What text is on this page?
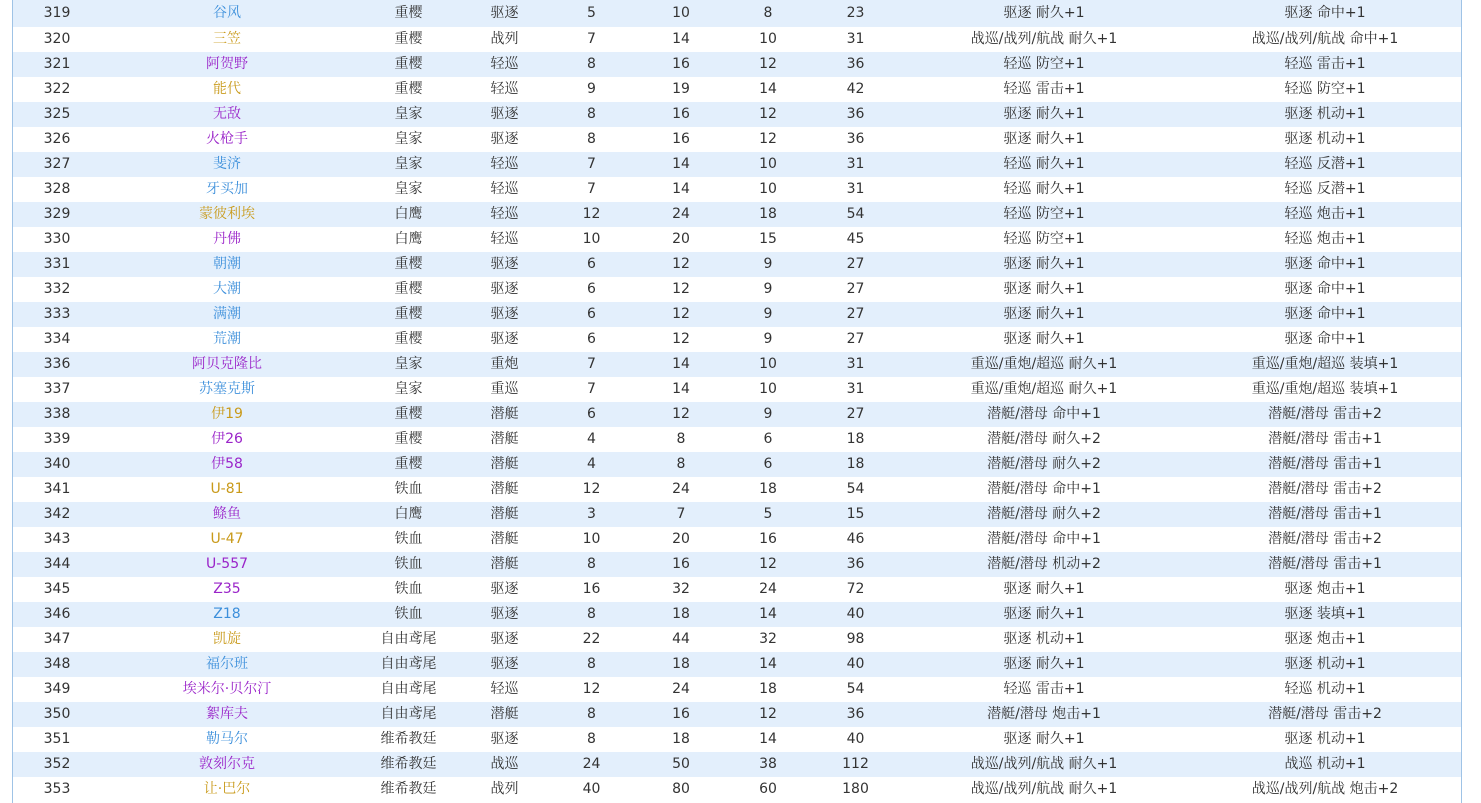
319	谷风	重樱	驱逐	5	10	8	23	驱逐 耐久+1	驱逐 命中+1
320	三笠	重樱	战列	7	14	10	31	战巡/战列/航战 耐久+1	战巡/战列/航战 命中+1
321	阿贺野	重樱	轻巡	8	16	12	36	轻巡 防空+1	轻巡 雷击+1
322	能代	重樱	轻巡	9	19	14	42	轻巡 雷击+1	轻巡 防空+1
325	无敌	皇家	驱逐	8	16	12	36	驱逐 耐久+1	驱逐 机动+1
326	火枪手	皇家	驱逐	8	16	12	36	驱逐 耐久+1	驱逐 机动+1
327	斐济	皇家	轻巡	7	14	10	31	轻巡 耐久+1	轻巡 反潜+1
328	牙买加	皇家	轻巡	7	14	10	31	轻巡 耐久+1	轻巡 反潜+1
329	蒙彼利埃	白鹰	轻巡	12	24	18	54	轻巡 防空+1	轻巡 炮击+1
330	丹佛	白鹰	轻巡	10	20	15	45	轻巡 防空+1	轻巡 炮击+1
331	朝潮	重樱	驱逐	6	12	9	27	驱逐 耐久+1	驱逐 命中+1
332	大潮	重樱	驱逐	6	12	9	27	驱逐 耐久+1	驱逐 命中+1
333	满潮	重樱	驱逐	6	12	9	27	驱逐 耐久+1	驱逐 命中+1
334	荒潮	重樱	驱逐	6	12	9	27	驱逐 耐久+1	驱逐 命中+1
336	阿贝克隆比	皇家	重炮	7	14	10	31	重巡/重炮/超巡 耐久+1	重巡/重炮/超巡 装填+1
337	苏塞克斯	皇家	重巡	7	14	10	31	重巡/重炮/超巡 耐久+1	重巡/重炮/超巡 装填+1
338	伊19	重樱	潜艇	6	12	9	27	潜艇/潜母 命中+1	潜艇/潜母 雷击+2
339	伊26	重樱	潜艇	4	8	6	18	潜艇/潜母 耐久+2	潜艇/潜母 雷击+1
340	伊58	重樱	潜艇	4	8	6	18	潜艇/潜母 耐久+2	潜艇/潜母 雷击+1
341	U-81	铁血	潜艇	12	24	18	54	潜艇/潜母 命中+1	潜艇/潜母 雷击+2
342	鲦鱼	白鹰	潜艇	3	7	5	15	潜艇/潜母 耐久+2	潜艇/潜母 雷击+1
343	U-47	铁血	潜艇	10	20	16	46	潜艇/潜母 命中+1	潜艇/潜母 雷击+2
344	U-557	铁血	潜艇	8	16	12	36	潜艇/潜母 机动+2	潜艇/潜母 雷击+1
345	Z35	铁血	驱逐	16	32	24	72	驱逐 耐久+1	驱逐 炮击+1
346	Z18	铁血	驱逐	8	18	14	40	驱逐 耐久+1	驱逐 装填+1
347	凯旋	自由鸢尾	驱逐	22	44	32	98	驱逐 机动+1	驱逐 炮击+1
348	福尔班	自由鸢尾	驱逐	8	18	14	40	驱逐 耐久+1	驱逐 机动+1
349	埃米尔·贝尔汀	自由鸢尾	轻巡	12	24	18	54	轻巡 雷击+1	轻巡 机动+1
350	絮库夫	自由鸢尾	潜艇	8	16	12	36	潜艇/潜母 炮击+1	潜艇/潜母 雷击+2
351	勒马尔	维希教廷	驱逐	8	18	14	40	驱逐 耐久+1	驱逐 机动+1
352	敦刻尔克	维希教廷	战巡	24	50	38	112	战巡/战列/航战 耐久+1	战巡 机动+1
353	让·巴尔	维希教廷	战列	40	80	60	180	战巡/战列/航战 耐久+1	战巡/战列/航战 炮击+2
